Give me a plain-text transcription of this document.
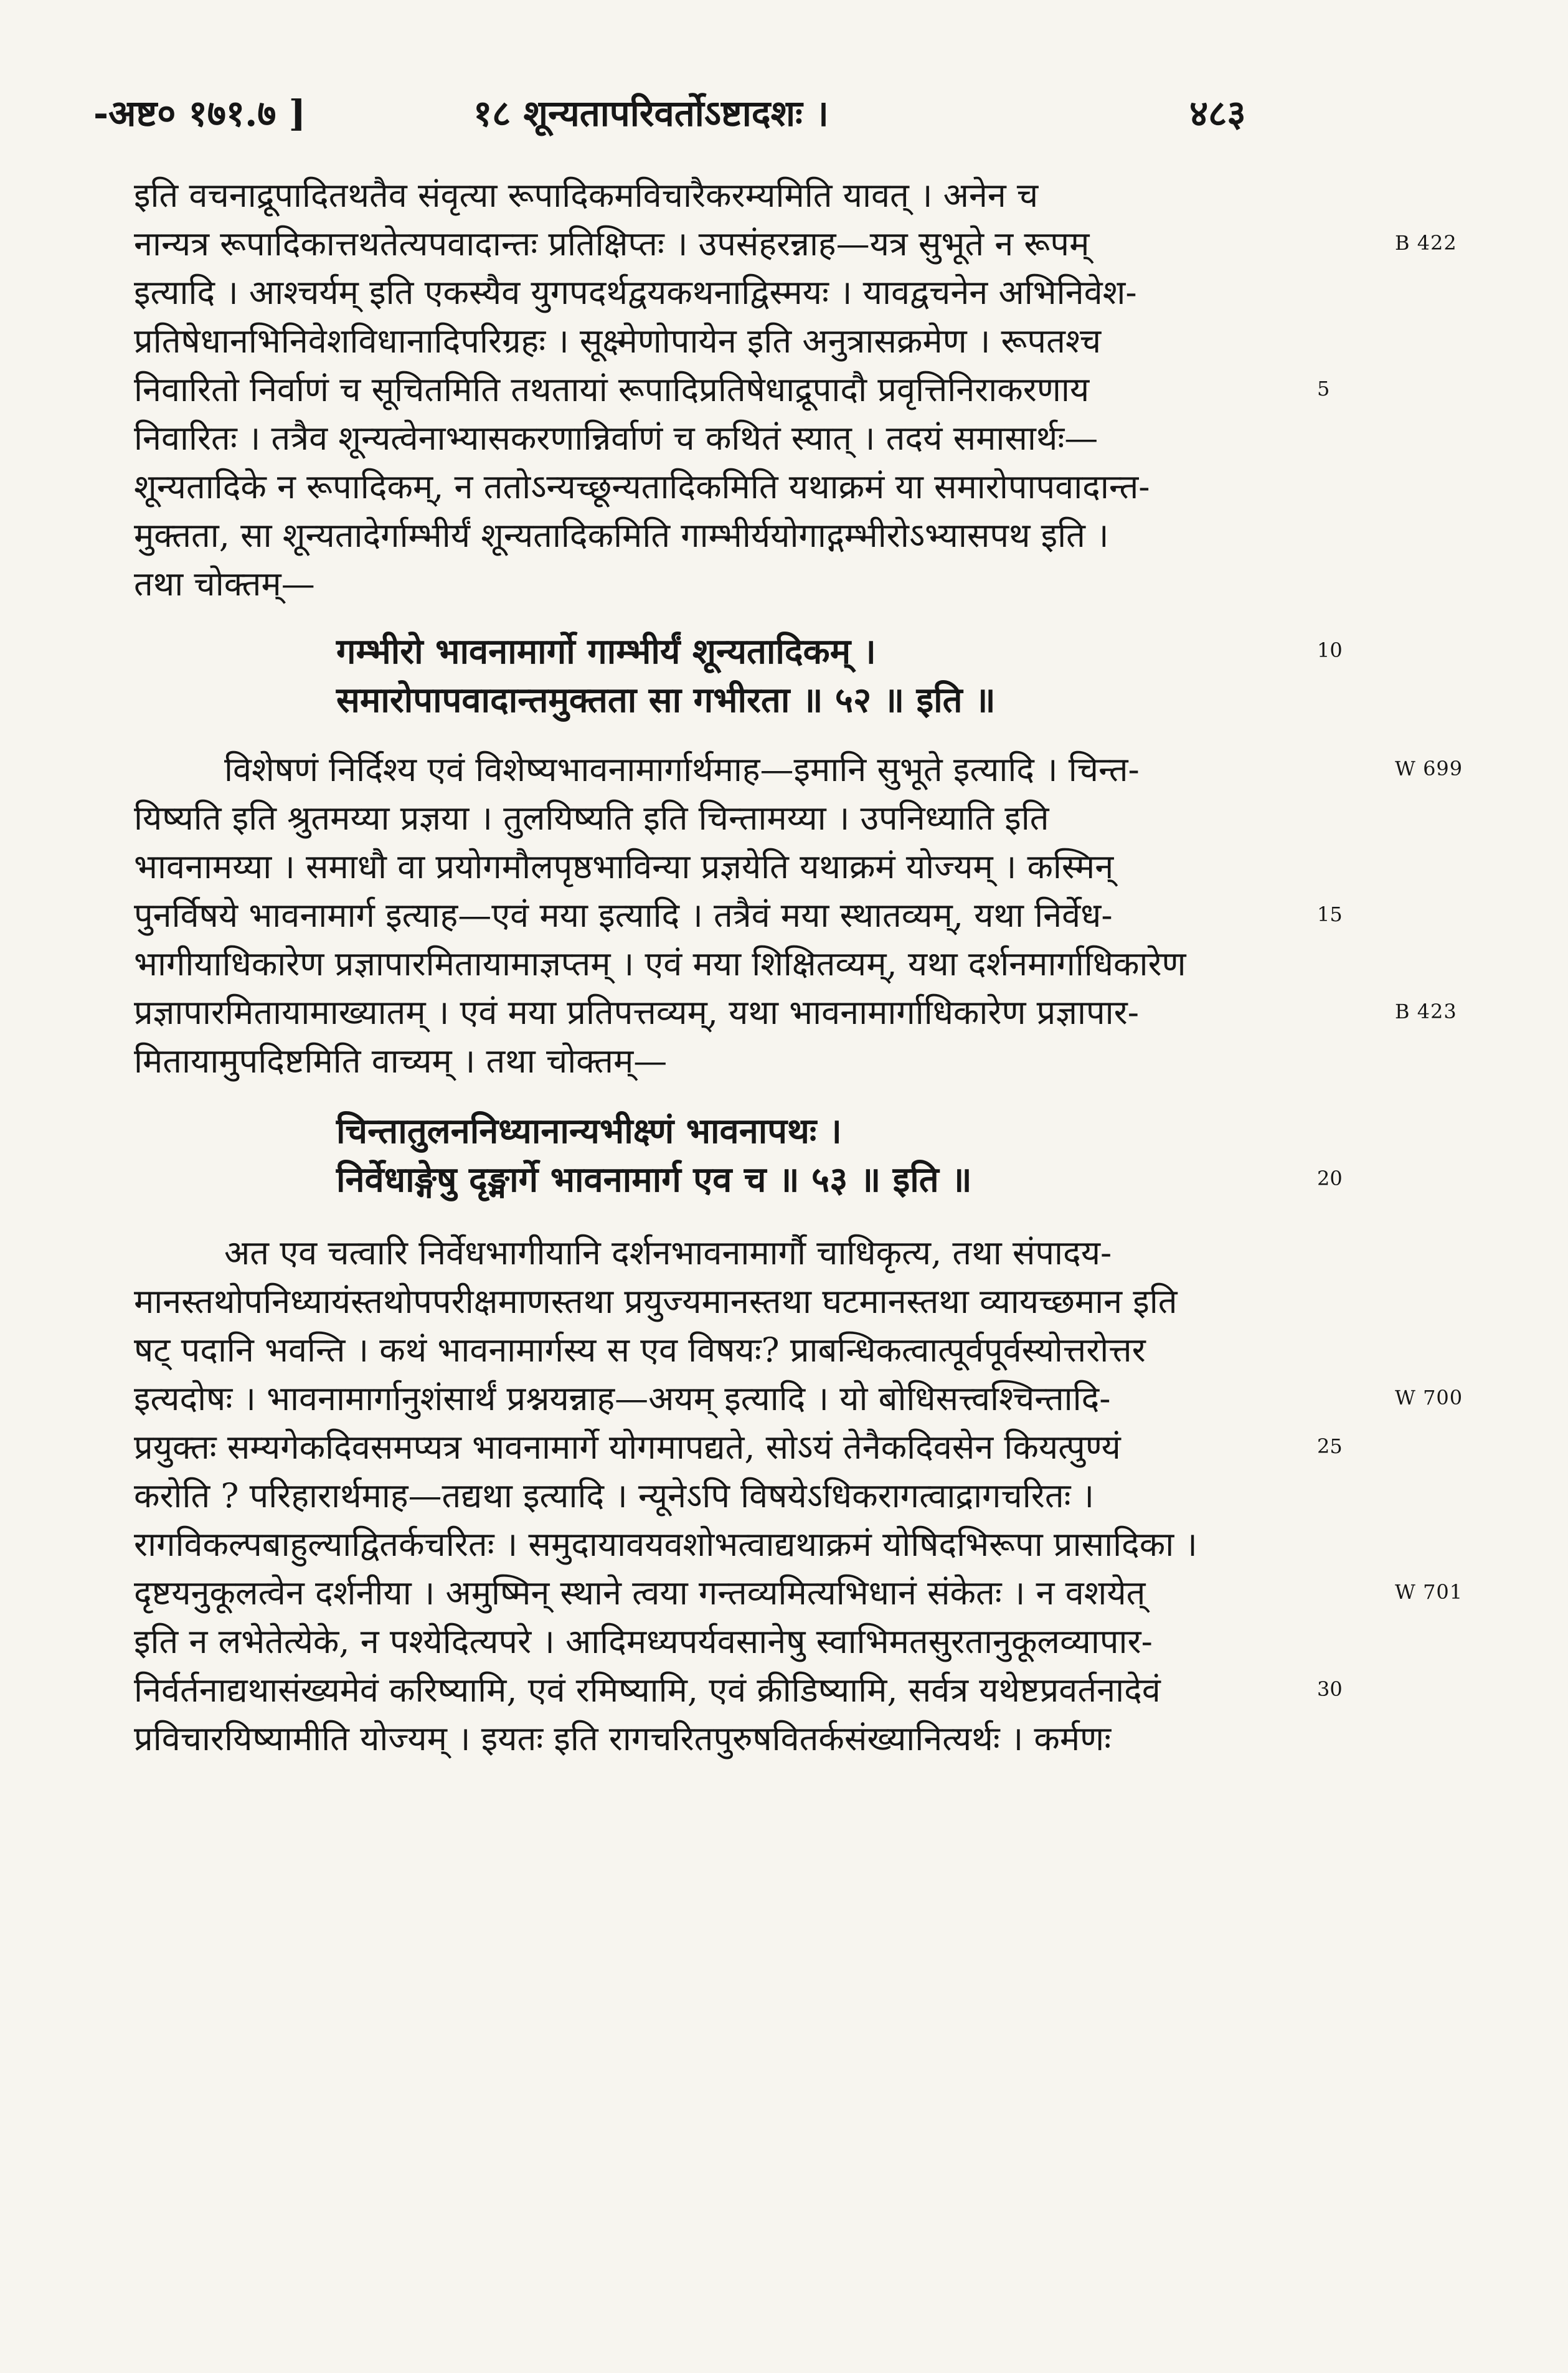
-अष्ट० १७१.७ ]	१८ शून्यतापरिवर्तोऽष्टादशः ।	४८३
इति वचनाद्रूपादितथतैव संवृत्या रूपादिकमविचारैकरम्यमिति यावत् । अनेन च
नान्यत्र रूपादिकात्तथतेत्यपवादान्तः प्रतिक्षिप्तः । उपसंहरन्नाह—यत्र सुभूते न रूपम्
इत्यादि । आश्चर्यम् इति एकस्यैव युगपदर्थद्वयकथनाद्विस्मयः । यावद्वचनेन अभिनिवेश-
प्रतिषेधानभिनिवेशविधानादिपरिग्रहः । सूक्ष्मेणोपायेन इति अनुत्रासक्रमेण । रूपतश्च
निवारितो निर्वाणं च सूचितमिति तथतायां रूपादिप्रतिषेधाद्रूपादौ प्रवृत्तिनिराकरणाय
निवारितः । तत्रैव शून्यत्वेनाभ्यासकरणान्निर्वाणं च कथितं स्यात् । तदयं समासार्थः—
शून्यतादिके न रूपादिकम्, न ततोऽन्यच्छून्यतादिकमिति यथाक्रमं या समारोपापवादान्त-
मुक्तता, सा शून्यतादेर्गाम्भीर्यं शून्यतादिकमिति गाम्भीर्ययोगाद्गम्भीरोऽभ्यासपथ इति ।
तथा चोक्तम्—
गम्भीरो भावनामार्गो गाम्भीर्यं शून्यतादिकम् ।
समारोपापवादान्तमुक्तता सा गभीरता ॥ ५२ ॥ इति ॥
विशेषणं निर्दिश्य एवं विशेष्यभावनामार्गार्थमाह—इमानि सुभूते इत्यादि । चिन्त-
यिष्यति इति श्रुतमय्या प्रज्ञया । तुलयिष्यति इति चिन्तामय्या । उपनिध्याति इति
भावनामय्या । समाधौ वा प्रयोगमौलपृष्ठभाविन्या प्रज्ञयेति यथाक्रमं योज्यम् । कस्मिन्
पुनर्विषये भावनामार्ग इत्याह—एवं मया इत्यादि । तत्रैवं मया स्थातव्यम्, यथा निर्वेध-
भागीयाधिकारेण प्रज्ञापारमितायामाज्ञप्तम् । एवं मया शिक्षितव्यम्, यथा दर्शनमार्गाधिकारेण
प्रज्ञापारमितायामाख्यातम् । एवं मया प्रतिपत्तव्यम्, यथा भावनामार्गाधिकारेण प्रज्ञापार-
मितायामुपदिष्टमिति वाच्यम् । तथा चोक्तम्—
चिन्तातुलननिध्यानान्यभीक्ष्णं भावनापथः ।
निर्वेधाङ्गेषु दृङ्मार्गे भावनामार्ग एव च ॥ ५३ ॥ इति ॥
अत एव चत्वारि निर्वेधभागीयानि दर्शनभावनामार्गौ चाधिकृत्य, तथा संपादय-
मानस्तथोपनिध्यायंस्तथोपपरीक्षमाणस्तथा प्रयुज्यमानस्तथा घटमानस्तथा व्यायच्छमान इति
षट् पदानि भवन्ति । कथं भावनामार्गस्य स एव विषयः? प्राबन्धिकत्वात्पूर्वपूर्वस्योत्तरोत्तर
इत्यदोषः । भावनामार्गानुशंसार्थं प्रश्नयन्नाह—अयम् इत्यादि । यो बोधिसत्त्वश्चिन्तादि-
प्रयुक्तः सम्यगेकदिवसमप्यत्र भावनामार्गे योगमापद्यते, सोऽयं तेनैकदिवसेन कियत्पुण्यं
करोति ? परिहारार्थमाह—तद्यथा इत्यादि । न्यूनेऽपि विषयेऽधिकरागत्वाद्रागचरितः ।
रागविकल्पबाहुल्याद्वितर्कचरितः । समुदायावयवशोभत्वाद्यथाक्रमं योषिदभिरूपा प्रासादिका ।
दृष्टयनुकूलत्वेन दर्शनीया । अमुष्मिन् स्थाने त्वया गन्तव्यमित्यभिधानं संकेतः । न वशयेत्
इति न लभेतेत्येके, न पश्येदित्यपरे । आदिमध्यपर्यवसानेषु स्वाभिमतसुरतानुकूलव्यापार-
निर्वर्तनाद्यथासंख्यमेवं करिष्यामि, एवं रमिष्यामि, एवं क्रीडिष्यामि, सर्वत्र यथेष्टप्रवर्तनादेवं
प्रविचारयिष्यामीति योज्यम् । इयतः इति रागचरितपुरुषवितर्कसंख्यानित्यर्थः । कर्मणः
5
10
15
20
25
30
B 422
W 699
B 423
W 700
W 701
